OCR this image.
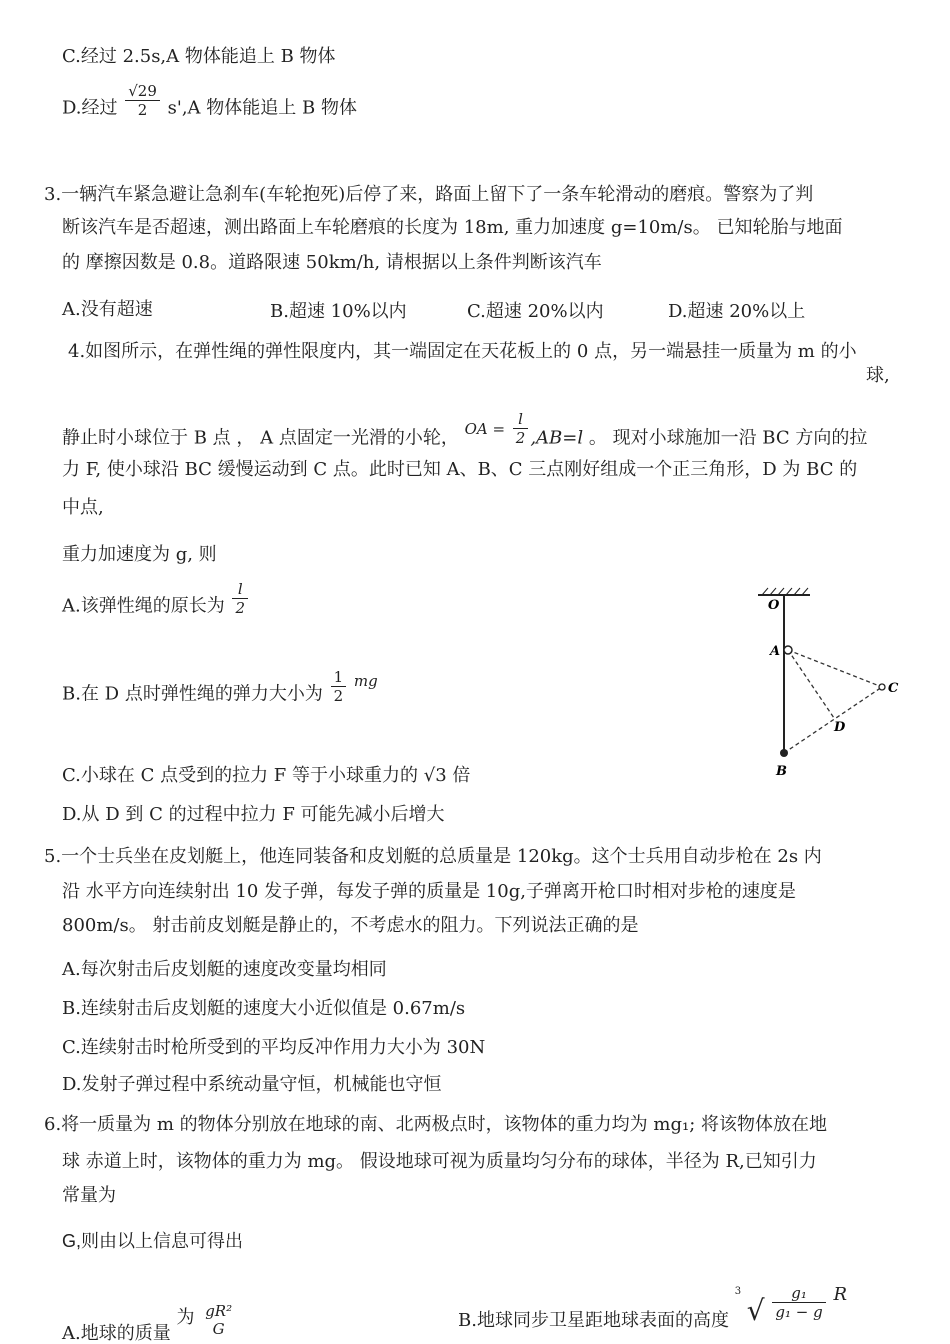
C.经过 2.5s,A 物体能追上 B 物体
D.经过 $\frac{√29}{2} s',A$ 物体能追上 B 物体
3.一辆汽车紧急避让急刹车(车轮抱死)后停了来，路面上留下了一条车轮滑动的磨痕。警察为了判
断该汽车是否超速，测出路面上车轮磨痕的长度为 18m, 重力加速度 g=10m/s。 已知轮胎与地面
的 摩擦因数是 0.8。道路限速 50km/h, 请根据以上条件判断该汽车
A.没有超速	B.超速 10%以内	C.超速 20%以内	D.超速 20%以上
4.如图所示，在弹性绳的弹性限度内，其一端固定在天花板上的 0 点，另一端悬挂一质量为 m 的小
球,
静止时小球位于 B 点 ， A 点固定一光滑的小轮， $^{OA =} \frac{l}{2} ,AB=l$ 。 现对小球施加一沿 BC 方向的拉
力 F, 使小球沿 BC 缓慢运动到 C 点。此时已知 A、B、C 三点刚好组成一个正三角形，D 为 BC 的
中点,
重力加速度为 g, 则
A.该弹性绳的原长为 $\frac{l}{2}$
B.在 D 点时弹性绳的弹力大小为 $\frac{1}{2} ^{mg}$
C.小球在 C 点受到的拉力 F 等于小球重力的 √3 倍
D.从 D 到 C 的过程中拉力 F 可能先减小后增大
O
A
B
C
D
5.一个士兵坐在皮划艇上，他连同装备和皮划艇的总质量是 120kg。这个士兵用自动步枪在 2s 内
沿 水平方向连续射出 10 发子弹，每发子弹的质量是 10g,子弹离开枪口时相对步枪的速度是
800m/s。 射击前皮划艇是静止的，不考虑水的阻力。下列说法正确的是
A.每次射击后皮划艇的速度改变量均相同
B.连续射击后皮划艇的速度大小近似值是 0.67m/s
C.连续射击时枪所受到的平均反冲作用力大小为 30N
D.发射子弹过程中系统动量守恒，机械能也守恒
6.将一质量为 m 的物体分别放在地球的南、北两极点时，该物体的重力均为 mg₁; 将该物体放在地
球 赤道上时，该物体的重力为 mg。 假设地球可视为质量均匀分布的球体，半径为 R,已知引力
常量为
G,则由以上信息可得出
A.地球的质量 为 gR²
G	B.地球同步卫星距地球表面的高度 $^3$ √ $\frac{\text{g₁}}{\text{g₁ − g}}$ R
